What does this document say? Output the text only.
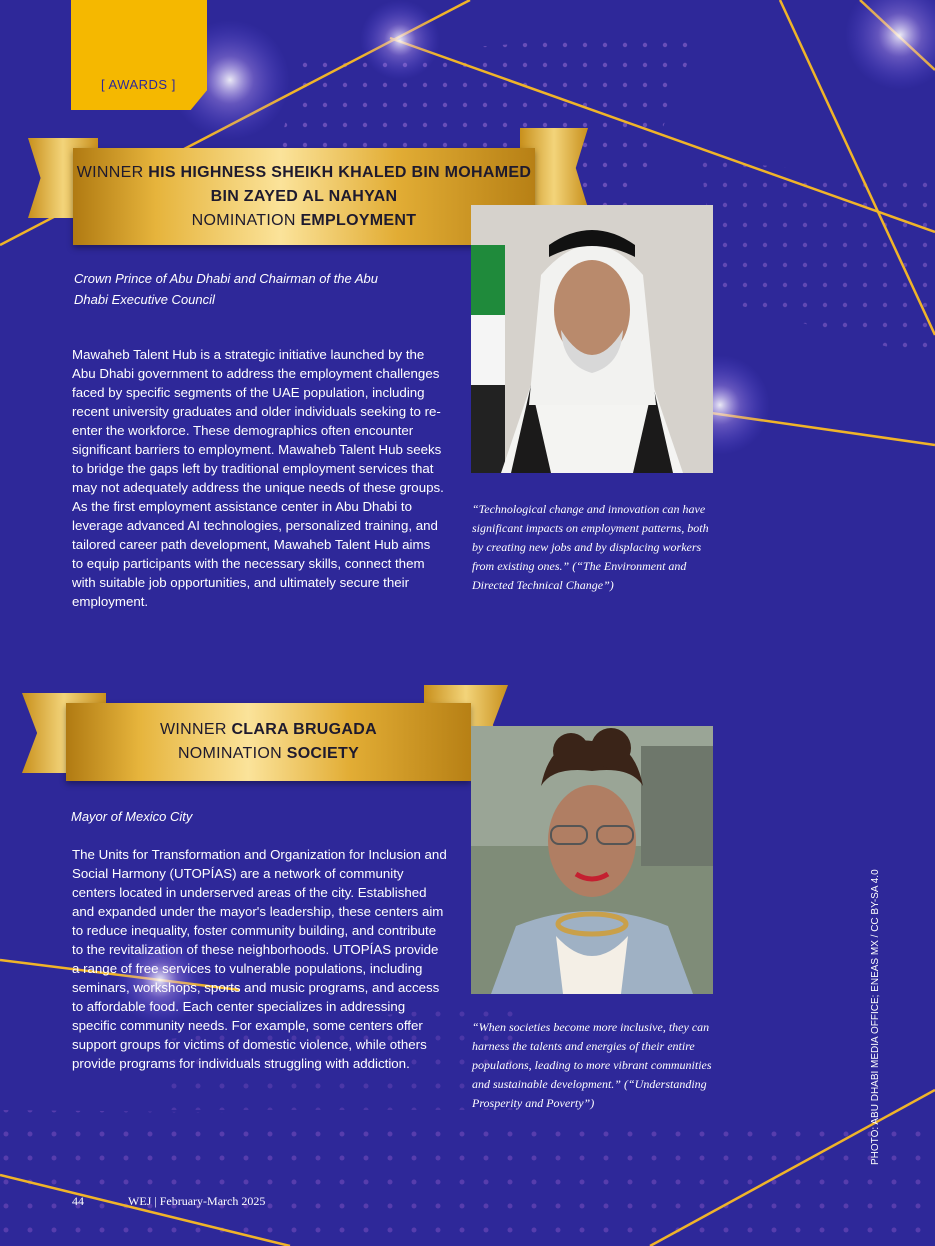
[ AWARDS ]
WINNER HIS HIGHNESS SHEIKH KHALED BIN MOHAMED
BIN ZAYED AL NAHYAN
NOMINATION EMPLOYMENT
Crown Prince of Abu Dhabi and Chairman of the Abu Dhabi Executive Council

Mawaheb Talent Hub is a strategic initiative launched by the Abu Dhabi government to address the employment challenges faced by specific segments of the UAE population, including recent university graduates and older individuals seeking to re-enter the workforce. These demographics often encounter significant barriers to employment. Mawaheb Talent Hub seeks to bridge the gaps left by traditional employment services that may not adequately address the unique needs of these groups. As the first employment assistance center in Abu Dhabi to leverage advanced AI technologies, personalized training, and tailored career path development, Mawaheb Talent Hub aims to equip participants with the necessary skills, connect them with suitable job opportunities, and ultimately secure their employment.

“Technological change and innovation can have significant impacts on employment patterns, both by creating new jobs and by displacing workers from existing ones.” (“The Environment and Directed Technical Change”)

WINNER CLARA BRUGADA
NOMINATION SOCIETY
Mayor of Mexico City

The Units for Transformation and Organization for Inclusion and Social Harmony (UTOPÍAS) are a network of community centers located in underserved areas of the city. Established and expanded under the mayor's leadership, these centers aim to reduce inequality, foster community building, and contribute to the revitalization of these neighborhoods. UTOPÍAS provide a range of free services to vulnerable populations, including seminars, workshops, sports and music programs, and access to affordable food. Each center specializes in addressing specific community needs. For example, some centers offer support groups for victims of domestic violence, while others provide programs for individuals struggling with addiction.

“When societies become more inclusive, they can harness the talents and energies of their entire populations, leading to more vibrant communities and sustainable development.” (“Understanding Prosperity and Poverty”)	PHOTO: ABU DHABI MEDIA OFFICE; ENEAS MX / CC BY-SA 4.0
44	WEJ | February-March 2025
